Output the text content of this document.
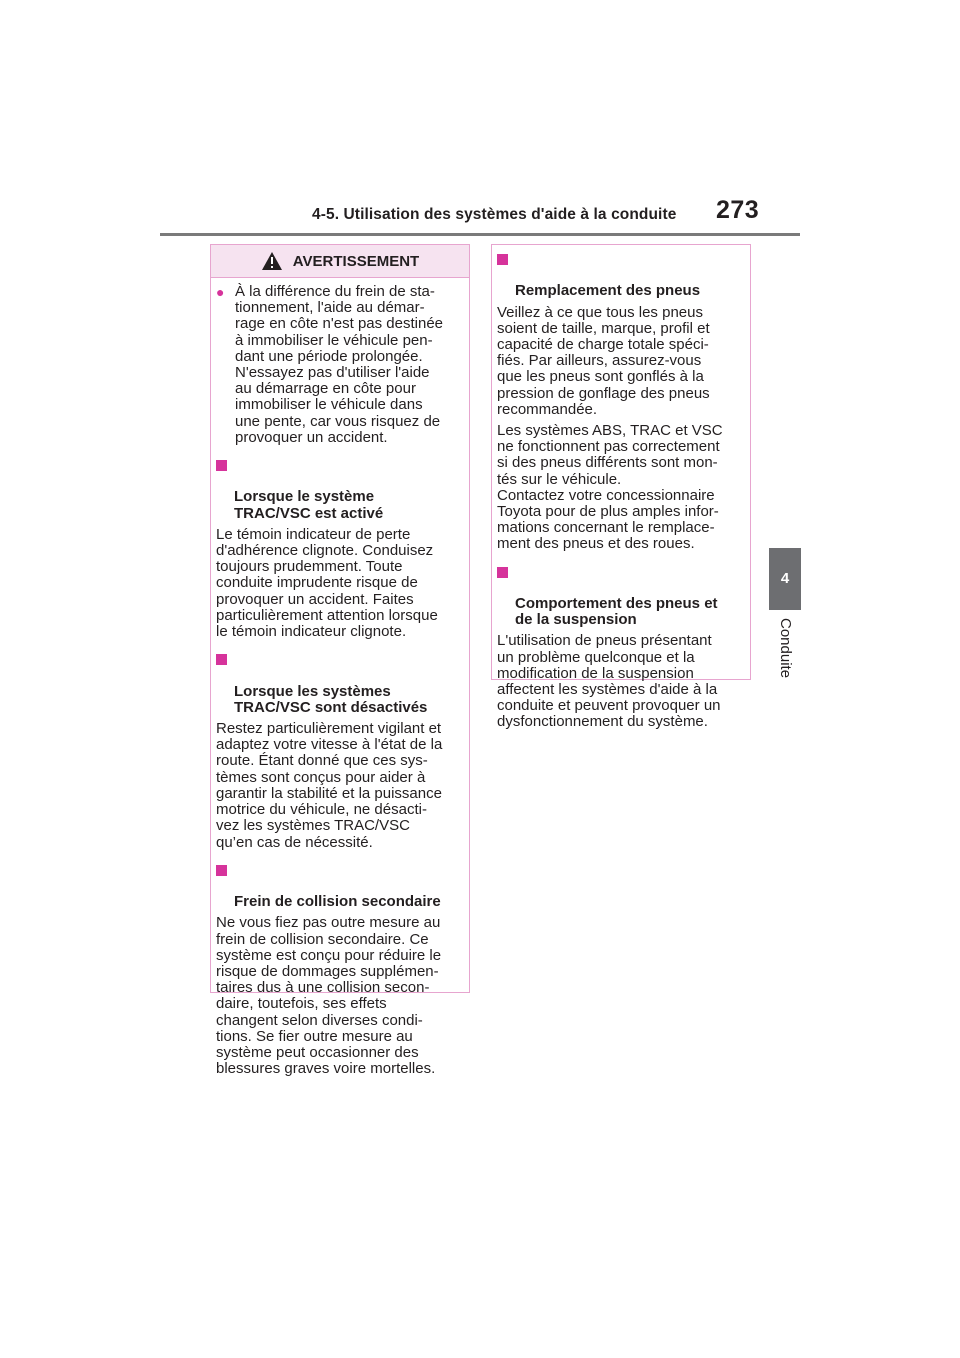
4-5. Utilisation des systèmes d'aide à la conduite 273
4
Conduite
AVERTISSEMENT
● À la différence du frein de sta-
tionnement, l'aide au démar-
rage en côte n'est pas destinée
à immobiliser le véhicule pen-
dant une période prolongée.
N'essayez pas d'utiliser l'aide
au démarrage en côte pour
immobiliser le véhicule dans
une pente, car vous risquez de
provoquer un accident.

Lorsque le système
TRAC/VSC est activé

Le témoin indicateur de perte
d'adhérence clignote. Conduisez
toujours prudemment. Toute
conduite imprudente risque de
provoquer un accident. Faites
particulièrement attention lorsque
le témoin indicateur clignote.

Lorsque les systèmes
TRAC/VSC sont désactivés

Restez particulièrement vigilant et
adaptez votre vitesse à l'état de la
route. Étant donné que ces sys-
tèmes sont conçus pour aider à
garantir la stabilité et la puissance
motrice du véhicule, ne désacti-
vez les systèmes TRAC/VSC
qu’en cas de nécessité.

Frein de collision secondaire

Ne vous fiez pas outre mesure au
frein de collision secondaire. Ce
système est conçu pour réduire le
risque de dommages supplémen-
taires dus à une collision secon-
daire, toutefois, ses effets
changent selon diverses condi-
tions. Se fier outre mesure au
système peut occasionner des
blessures graves voire mortelles.

Remplacement des pneus

Veillez à ce que tous les pneus
soient de taille, marque, profil et
capacité de charge totale spéci-
fiés. Par ailleurs, assurez-vous
que les pneus sont gonflés à la
pression de gonflage des pneus
recommandée.

Les systèmes ABS, TRAC et VSC
ne fonctionnent pas correctement
si des pneus différents sont mon-
tés sur le véhicule.
Contactez votre concessionnaire
Toyota pour de plus amples infor-
mations concernant le remplace-
ment des pneus et des roues.

Comportement des pneus et
de la suspension

L'utilisation de pneus présentant
un problème quelconque et la
modification de la suspension
affectent les systèmes d'aide à la
conduite et peuvent provoquer un
dysfonctionnement du système.
